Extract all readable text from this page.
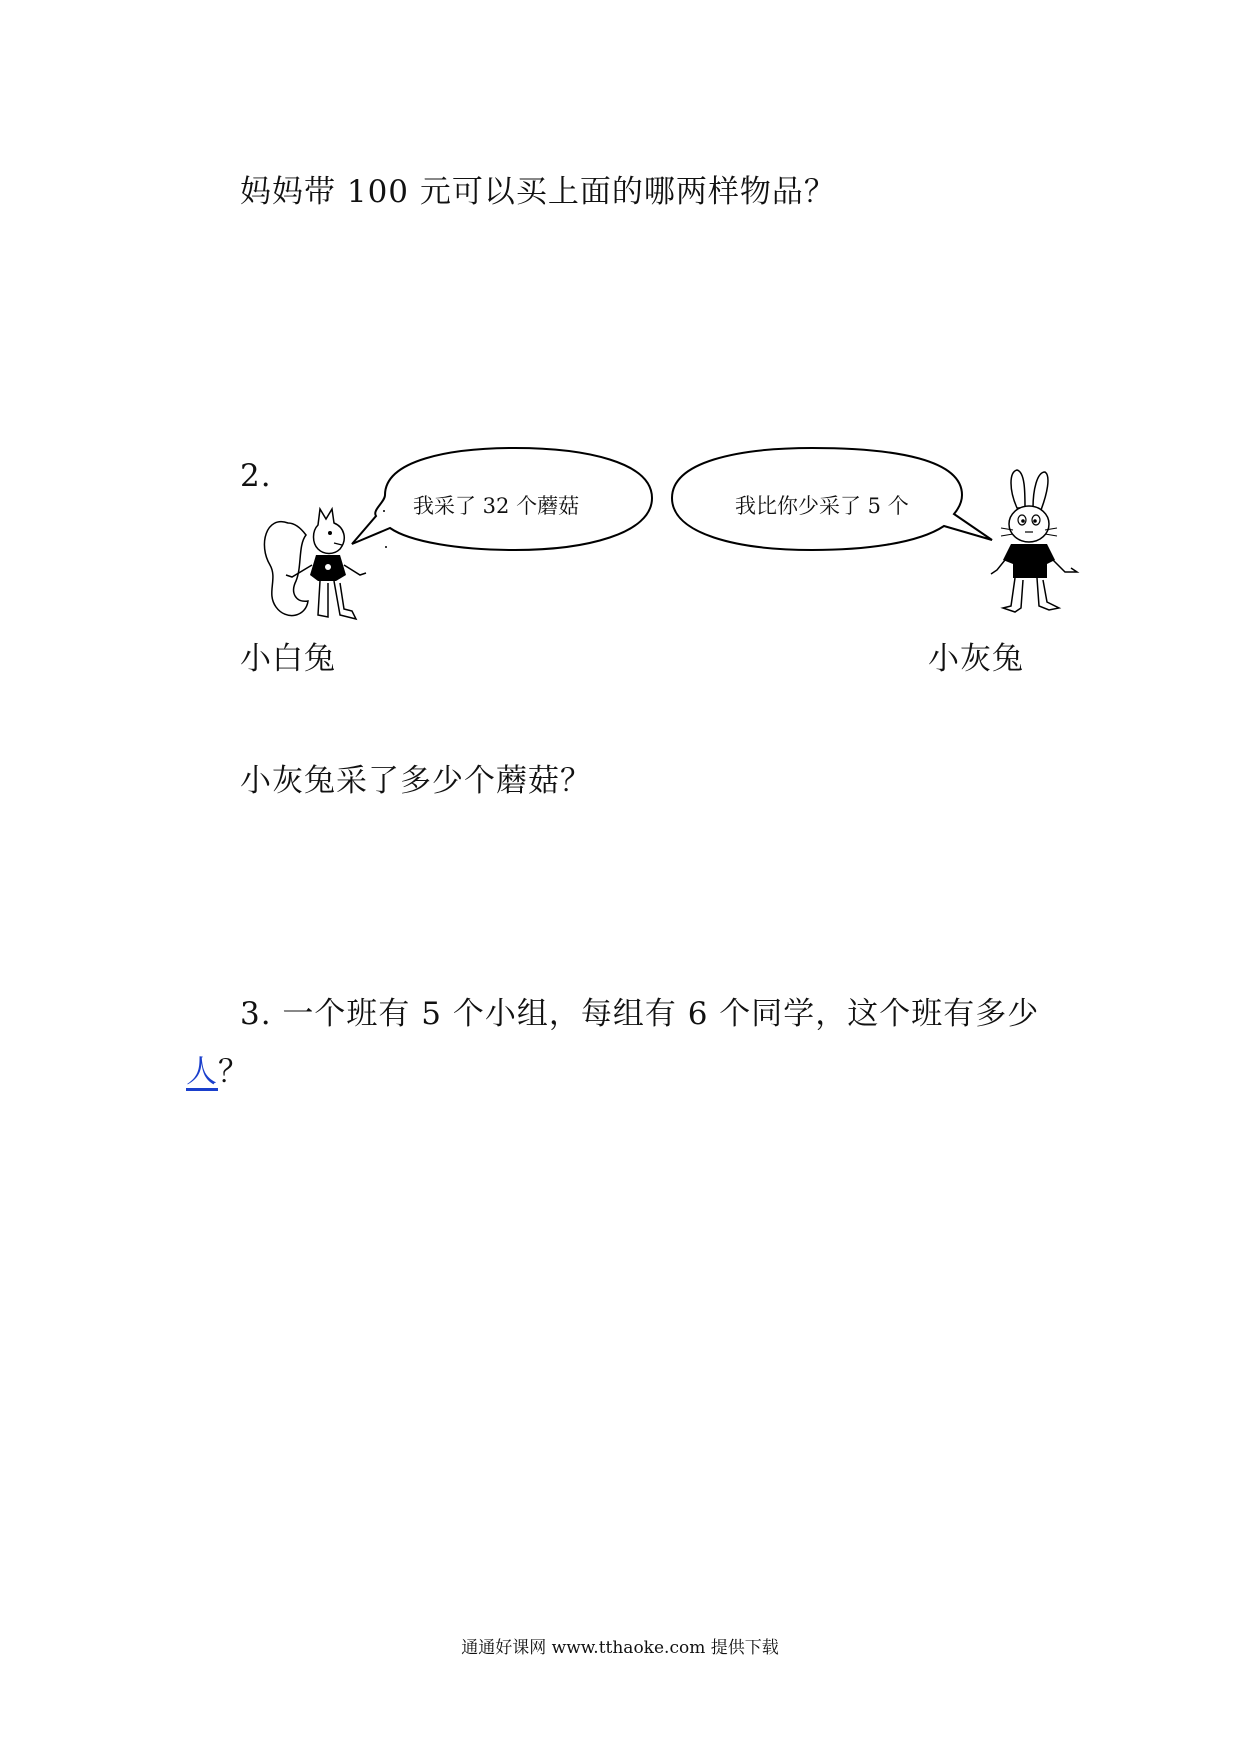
妈妈带 100 元可以买上面的哪两样物品？
2.
我采了 32 个蘑菇	我比你少采了 5 个
小白兔	小灰兔
小灰兔采了多少个蘑菇？
3. 一个班有 5 个小组，每组有 6 个同学，这个班有多少
人？
通通好课网 www.tthaoke.com 提供下载
